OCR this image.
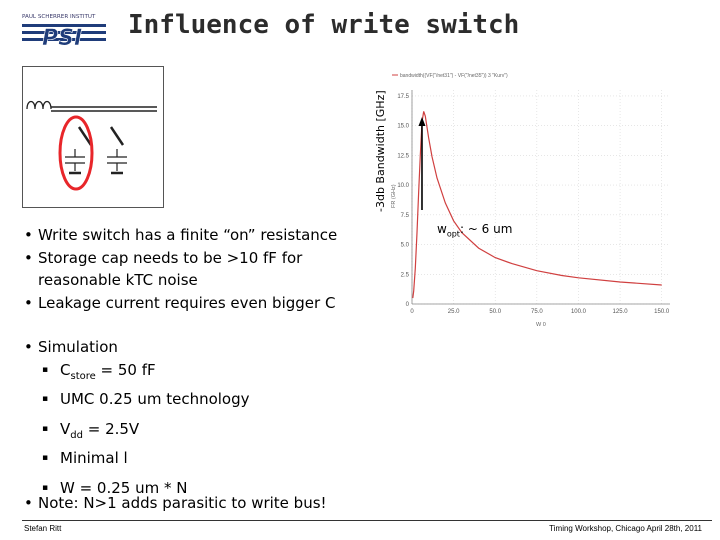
PAUL SCHERRER INSTITUT
PSI Influence of write switch
-3db Bandwidth [GHz]
bandwidth((VF("/net31") - VF("/net35")) 3 "Kurv")
0
2.5
5.0
7.5
10.0
12.5
15.0
17.5
0	25.0	50.0	75.0	100.0	125.0	150.0
FR (GHz)
W 0
$w_{opt}$: ~ 6 um
• Write switch has a finite “on” resistance
• Storage cap needs to be >10 fF for reasonable kTC noise
• Leakage current requires even bigger C
• Simulation
▪ $C_{store} = 50$ fF
▪ UMC 0.25 um technology
▪ $V_{dd} = 2.5V$
▪ Minimal l
▪ W = 0.25 um * N
• Note: N>1 adds parasitic to write bus!
Stefan Ritt	Timing Workshop, Chicago April 28th, 2011
